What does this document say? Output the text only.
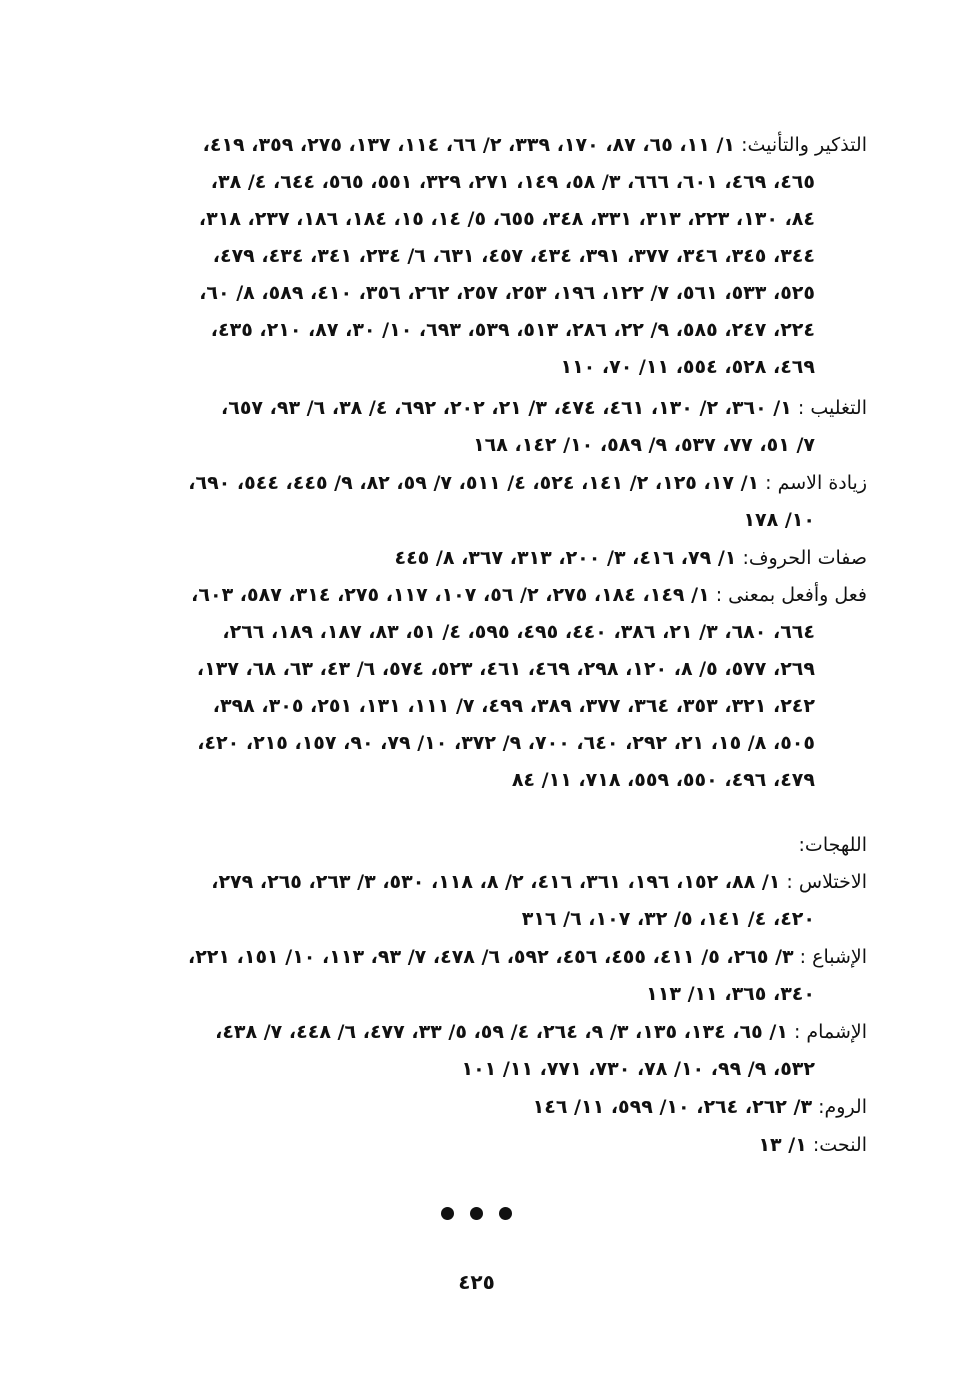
التذكير والتأنيث: ١/ ١١، ٦٥، ٨٧، ١٧٠، ٣٣٩، ٢/ ٦٦، ١١٤، ١٣٧، ٢٧٥، ٣٥٩، ٤١٩،
٤٦٥، ٤٦٩، ٦٠١، ٦٦٦، ٣/ ٥٨، ١٤٩، ٢٧١، ٣٢٩، ٥٥١، ٥٦٥، ٦٤٤، ٤/ ٣٨،
٨٤، ١٣٠، ٢٢٣، ٣١٣، ٣٣١، ٣٤٨، ٦٥٥، ٥/ ١٤، ١٥، ١٨٤، ١٨٦، ٢٣٧، ٣١٨،
٣٤٤، ٣٤٥، ٣٤٦، ٣٧٧، ٣٩١، ٤٣٤، ٤٥٧، ٦٣١، ٦/ ٢٣٤، ٣٤١، ٤٣٤، ٤٧٩،
٥٢٥، ٥٣٣، ٥٦١، ٧/ ١٢٢، ١٩٦، ٢٥٣، ٢٥٧، ٢٦٢، ٣٥٦، ٤١٠، ٥٨٩، ٨/ ٦٠،
٢٢٤، ٢٤٧، ٥٨٥، ٩/ ٢٢، ٢٨٦، ٥١٣، ٥٣٩، ٦٩٣، ١٠/ ٣٠، ٨٧، ٢١٠، ٤٣٥،
٤٦٩، ٥٢٨، ٥٥٤، ١١/ ٧٠، ١١٠
التغليب : ١/ ٣٦٠، ٢/ ١٣٠، ٤٦١، ٤٧٤، ٣/ ٢١، ٢٠٢، ٦٩٢، ٤/ ٣٨، ٦/ ٩٣، ٦٥٧،
٧/ ٥١، ٧٧، ٥٣٧، ٩/ ٥٨٩، ١٠/ ١٤٢، ١٦٨
زيادة الاسم : ١/ ١٧، ١٢٥، ٢/ ١٤١، ٥٢٤، ٤/ ٥١١، ٧/ ٥٩، ٨٢، ٩/ ٤٤٥، ٥٤٤، ٦٩٠،
١٠/ ١٧٨
صفات الحروف: ١/ ٧٩، ٤١٦، ٣/ ٢٠٠، ٣١٣، ٣٦٧، ٨/ ٤٤٥
فعل وأفعل بمعنى : ١/ ١٤٩، ١٨٤، ٢٧٥، ٢/ ٥٦، ١٠٧، ١١٧، ٢٧٥، ٣١٤، ٥٨٧، ٦٠٣،
٦٦٤، ٦٨٠، ٣/ ٢١، ٣٨٦، ٤٤٠، ٤٩٥، ٥٩٥، ٤/ ٥١، ٨٣، ١٨٧، ١٨٩، ٢٦٦،
٢٦٩، ٥٧٧، ٥/ ٨، ١٢٠، ٢٩٨، ٤٦٩، ٤٦١، ٥٢٣، ٥٧٤، ٦/ ٤٣، ٦٣، ٦٨، ١٣٧،
٢٤٢، ٣٢١، ٣٥٣، ٣٦٤، ٣٧٧، ٣٨٩، ٤٩٩، ٧/ ١١١، ١٣١، ٢٥١، ٣٠٥، ٣٩٨،
٥٠٥، ٨/ ١٥، ٢١، ٢٩٢، ٦٤٠، ٧٠٠، ٩/ ٣٧٢، ١٠/ ٧٩، ٩٠، ١٥٧، ٢١٥، ٤٢٠،
٤٧٩، ٤٩٦، ٥٥٠، ٥٥٩، ٧١٨، ١١/ ٨٤
اللهجات:
الاختلاس : ١/ ٨٨، ١٥٢، ١٩٦، ٣٦١، ٤١٦، ٢/ ٨، ١١٨، ٥٣٠، ٣/ ٢٦٣، ٢٦٥، ٢٧٩،
٤٢٠، ٤/ ١٤١، ٥/ ٣٢، ١٠٧، ٦/ ٣١٦
الإشباع : ٣/ ٢٦٥، ٥/ ٤١١، ٤٥٥، ٤٥٦، ٥٩٢، ٦/ ٤٧٨، ٧/ ٩٣، ١١٣، ١٠/ ١٥١، ٢٢١،
٣٤٠، ٣٦٥، ١١/ ١١٣
الإشمام : ١/ ٦٥، ١٣٤، ١٣٥، ٣/ ٩، ٢٦٤، ٤/ ٥٩، ٥/ ٣٣، ٤٧٧، ٦/ ٤٤٨، ٧/ ٤٣٨،
٥٣٢، ٩/ ٩٩، ١٠/ ٧٨، ٧٣٠، ٧٧١، ١١/ ١٠١
الروم: ٣/ ٢٦٢، ٢٦٤، ١٠/ ٥٩٩، ١١/ ١٤٦
النحت: ١/ ١٣
٤٢٥
